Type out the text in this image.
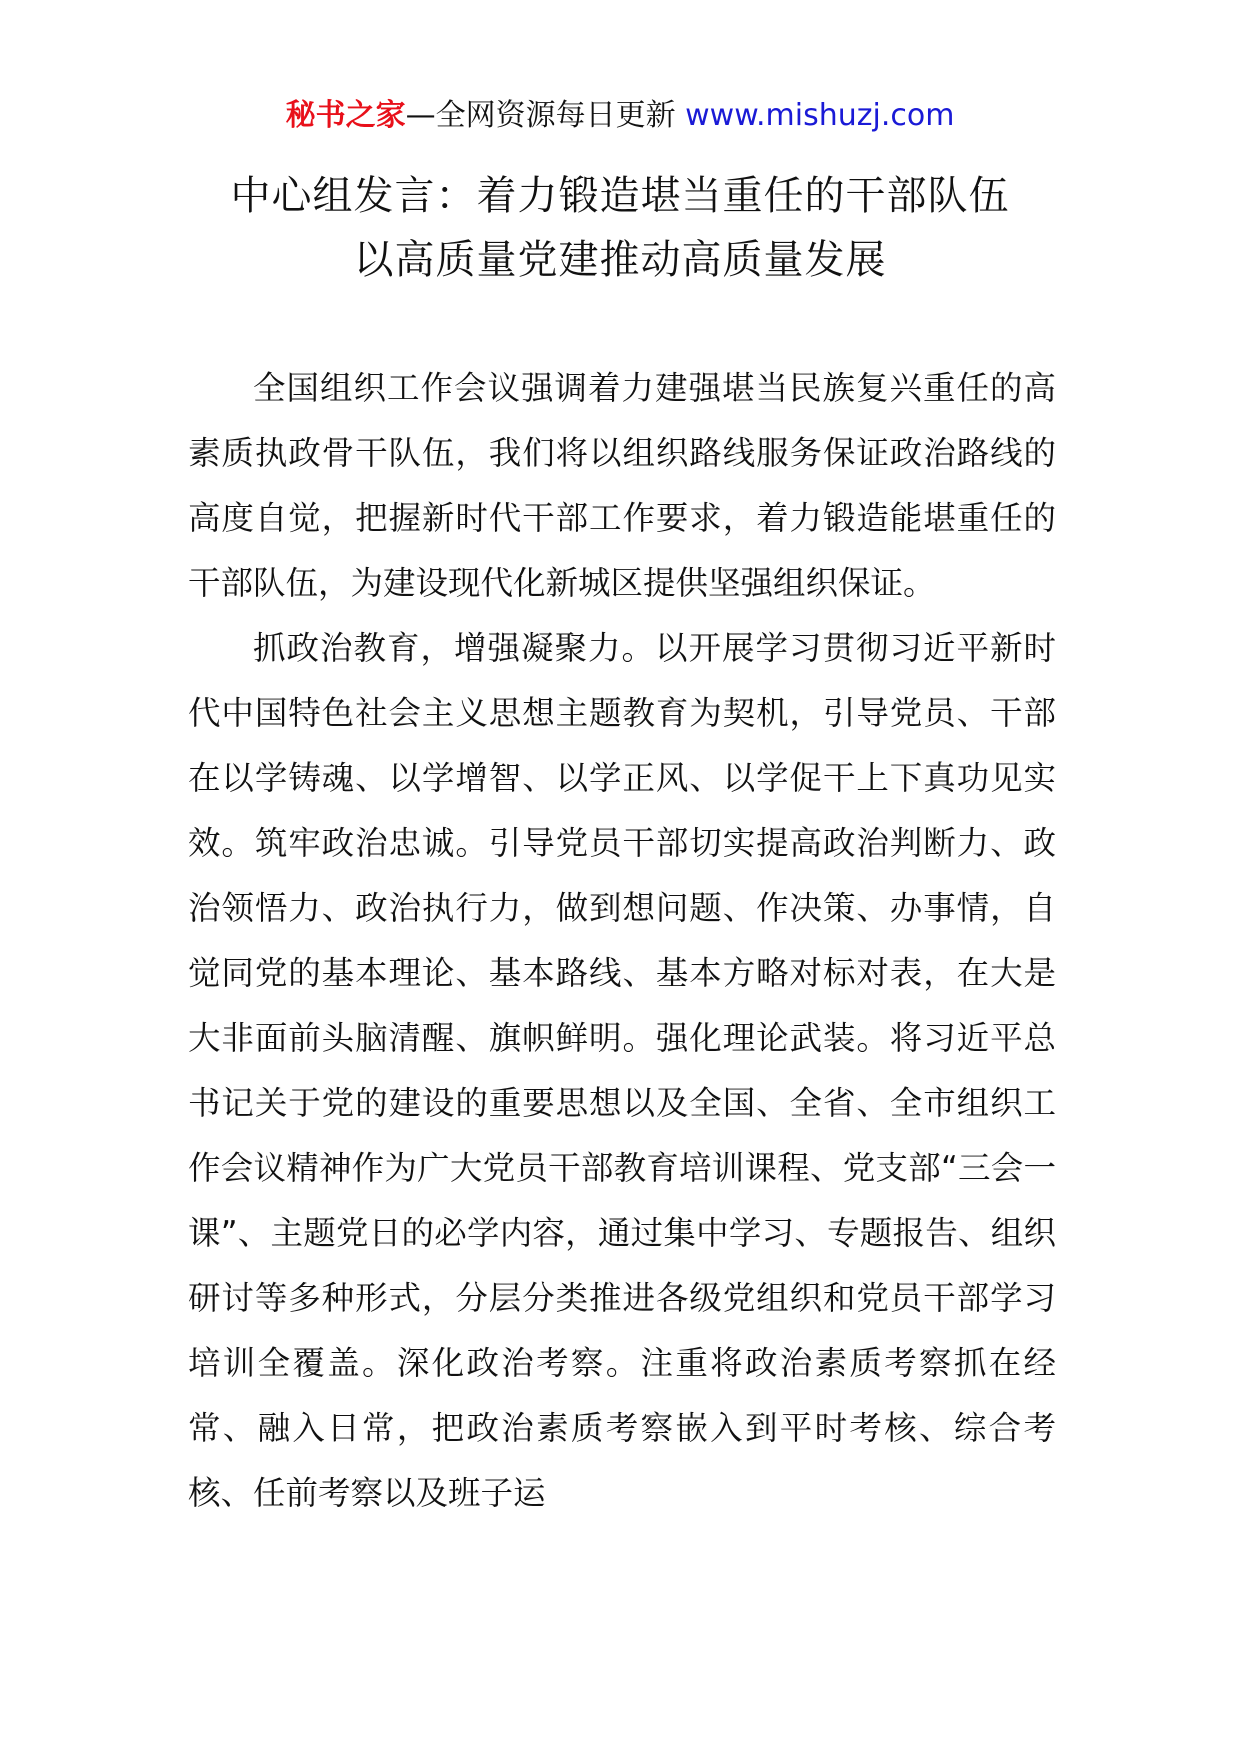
秘书之家—全网资源每日更新 www.mishuzj.com
中心组发言：着力锻造堪当重任的干部队伍
以高质量党建推动高质量发展

全国组织工作会议强调着力建强堪当民族复兴重任的高素质执政骨干队伍，我们将以组织路线服务保证政治路线的高度自觉，把握新时代干部工作要求，着力锻造能堪重任的干部队伍，为建设现代化新城区提供坚强组织保证。

抓政治教育，增强凝聚力。以开展学习贯彻习近平新时代中国特色社会主义思想主题教育为契机，引导党员、干部在以学铸魂、以学增智、以学正风、以学促干上下真功见实效。筑牢政治忠诚。引导党员干部切实提高政治判断力、政治领悟力、政治执行力，做到想问题、作决策、办事情，自觉同党的基本理论、基本路线、基本方略对标对表，在大是大非面前头脑清醒、旗帜鲜明。强化理论武装。将习近平总书记关于党的建设的重要思想以及全国、全省、全市组织工作会议精神作为广大党员干部教育培训课程、党支部“三会一课”、主题党日的必学内容，通过集中学习、专题报告、组织研讨等多种形式，分层分类推进各级党组织和党员干部学习培训全覆盖。深化政治考察。注重将政治素质考察抓在经常、融入日常，把政治素质考察嵌入到平时考核、综合考核、任前考察以及班子运
